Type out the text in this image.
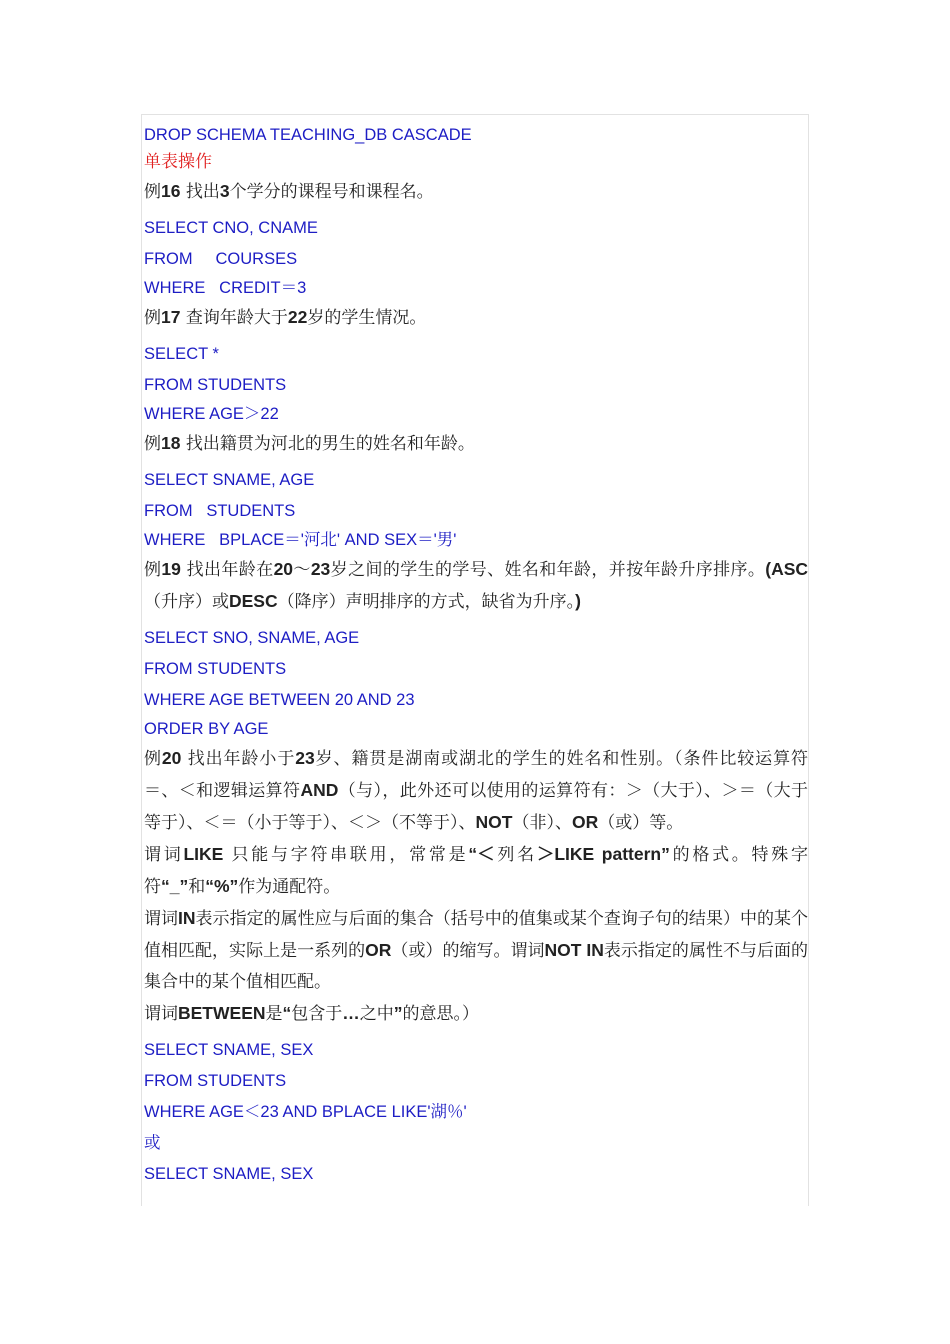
DROP SCHEMA TEACHING_DB CASCADE
单表操作

例16 找出3个学分的课程号和课程名。

SELECT CNO, CNAME
FROM     COURSES
WHERE   CREDIT＝3

例17 查询年龄大于22岁的学生情况。

SELECT *
FROM STUDENTS
WHERE AGE＞22

例18 找出籍贯为河北的男生的姓名和年龄。

SELECT SNAME, AGE
FROM   STUDENTS
WHERE   BPLACE＝'河北' AND SEX＝'男'

例19 找出年龄在20～23岁之间的学生的学号、姓名和年龄，并按年龄升序排序。(ASC（升序）或DESC（降序）声明排序的方式，缺省为升序。)

SELECT SNO, SNAME, AGE
FROM STUDENTS
WHERE AGE BETWEEN 20 AND 23
ORDER BY AGE

例20 找出年龄小于23岁、籍贯是湖南或湖北的学生的姓名和性别。（条件比较运算符＝、＜和逻辑运算符AND（与），此外还可以使用的运算符有：＞（大于）、＞＝（大于等于）、＜＝（小于等于）、＜＞（不等于）、NOT（非）、OR（或）等。

谓词LIKE 只能与字符串联用，常常是“＜列名＞LIKE pattern”的格式。特殊字符“_”和“%”作为通配符。

谓词IN表示指定的属性应与后面的集合（括号中的值集或某个查询子句的结果）中的某个值相匹配，实际上是一系列的OR（或）的缩写。谓词NOT IN表示指定的属性不与后面的集合中的某个值相匹配。

谓词BETWEEN是“包含于…之中”的意思。）

SELECT SNAME, SEX
FROM STUDENTS
WHERE AGE＜23 AND BPLACE LIKE'湖％'
或
SELECT SNAME, SEX
